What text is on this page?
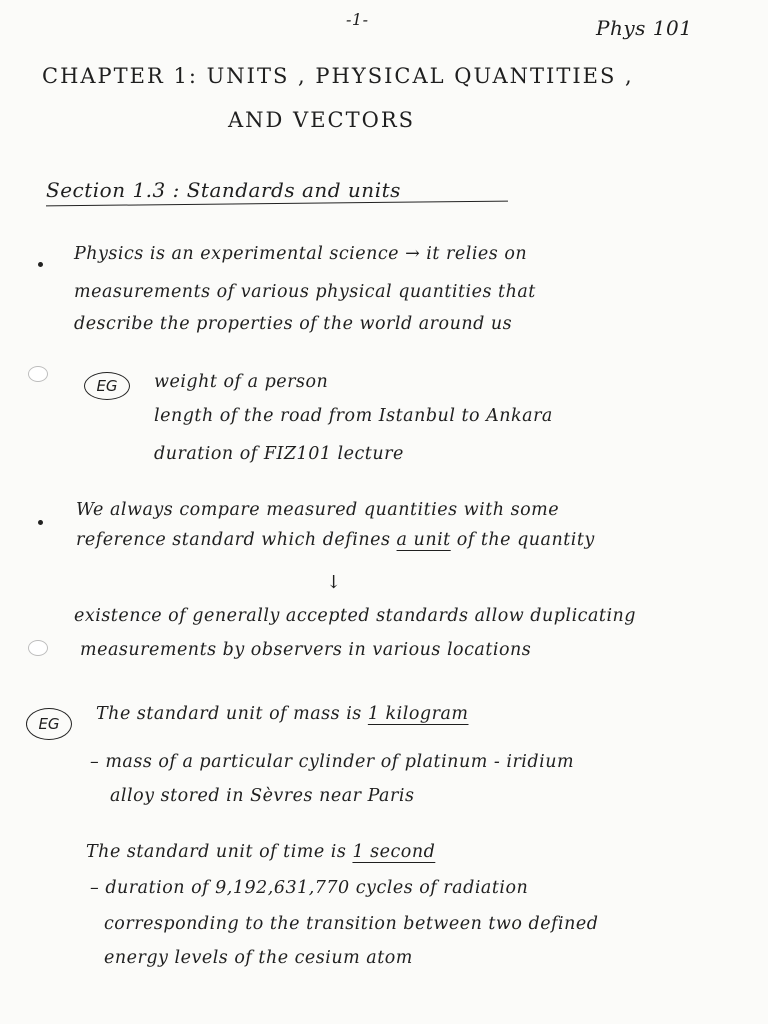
-1-	Phys 101
CHAPTER 1: UNITS , PHYSICAL QUANTITIES ,
AND VECTORS
Section 1.3 : Standards and units
Physics is an experimental science → it relies on
measurements of various physical quantities that
describe the properties of the world around us
EG	weight of a person
length of the road from Istanbul to Ankara
duration of FIZ101 lecture
We always compare measured quantities with some
reference standard which defines a unit of the quantity
↓
existence of generally accepted standards allow duplicating
measurements by observers in various locations
EG	The standard unit of mass is 1 kilogram
– mass of a particular cylinder of platinum - iridium
alloy stored in Sèvres near Paris
The standard unit of time is 1 second
– duration of 9,192,631,770 cycles of radiation
corresponding to the transition between two defined
energy levels of the cesium atom
